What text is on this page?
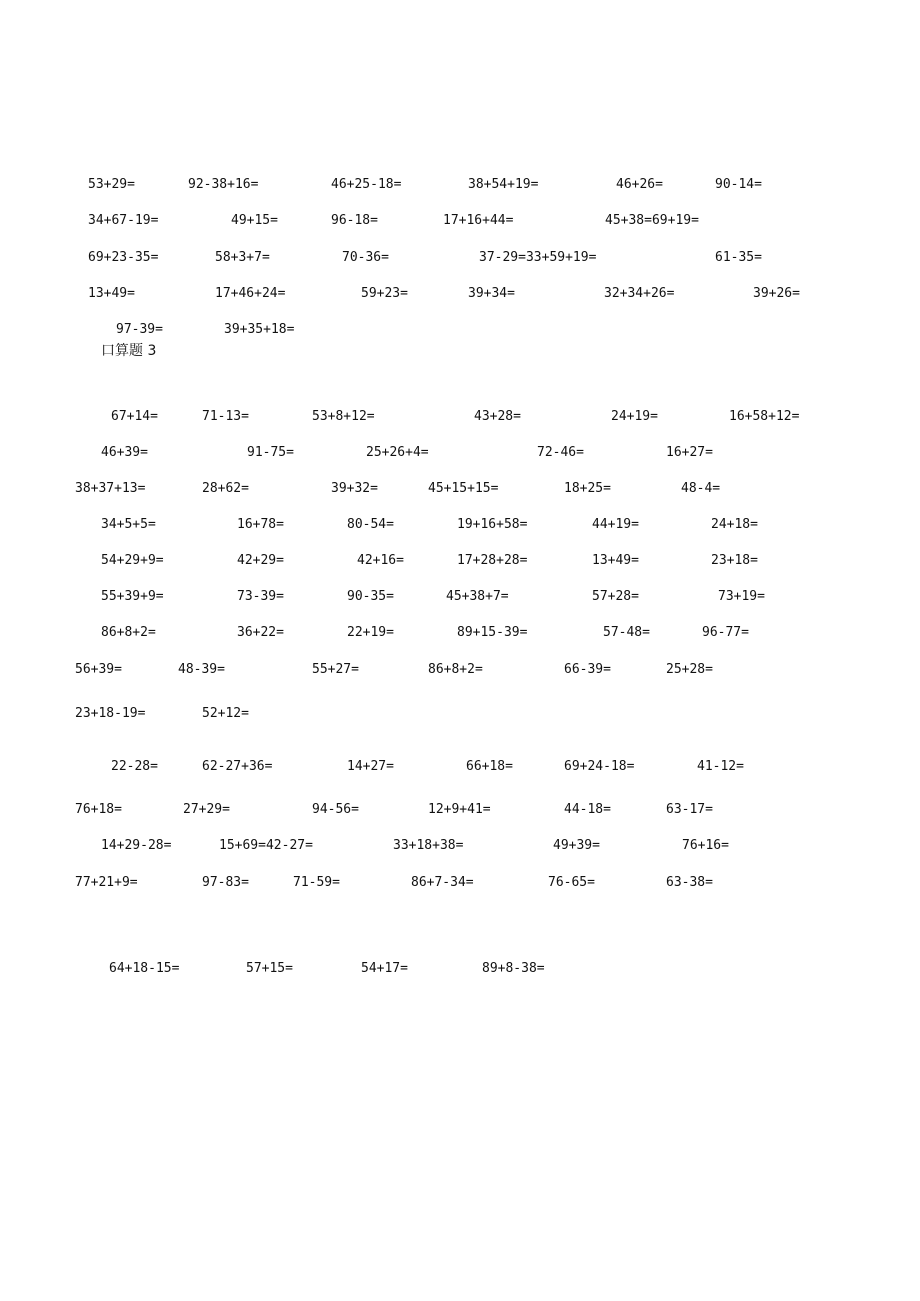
口算题 3
53+29=	92-38+16=	46+25-18=	38+54+19=	46+26=	90-14=
34+67-19=	49+15=	96-18=	17+16+44=	45+38=69+19=
69+23-35=	58+3+7=	70-36=	37-29=33+59+19=	61-35=
13+49=	17+46+24=	59+23=	39+34=	32+34+26=	39+26=
97-39=	39+35+18=
67+14=	71-13=	53+8+12=	43+28=	24+19=	16+58+12=
46+39=	91-75=	25+26+4=	72-46=	16+27=
38+37+13=	28+62=	39+32=	45+15+15=	18+25=	48-4=
34+5+5=	16+78=	80-54=	19+16+58=	44+19=	24+18=
54+29+9=	42+29=	42+16=	17+28+28=	13+49=	23+18=
55+39+9=	73-39=	90-35=	45+38+7=	57+28=	73+19=
86+8+2=	36+22=	22+19=	89+15-39=	57-48=	96-77=
56+39=	48-39=	55+27=	86+8+2=	66-39=	25+28=
23+18-19=	52+12=
22-28=	62-27+36=	14+27=	66+18=	69+24-18=	41-12=
76+18=	27+29=	94-56=	12+9+41=	44-18=	63-17=
14+29-28=	15+69=42-27=	33+18+38=	49+39=	76+16=
77+21+9=	97-83=	71-59=	86+7-34=	76-65=	63-38=
64+18-15=	57+15=	54+17=	89+8-38=
